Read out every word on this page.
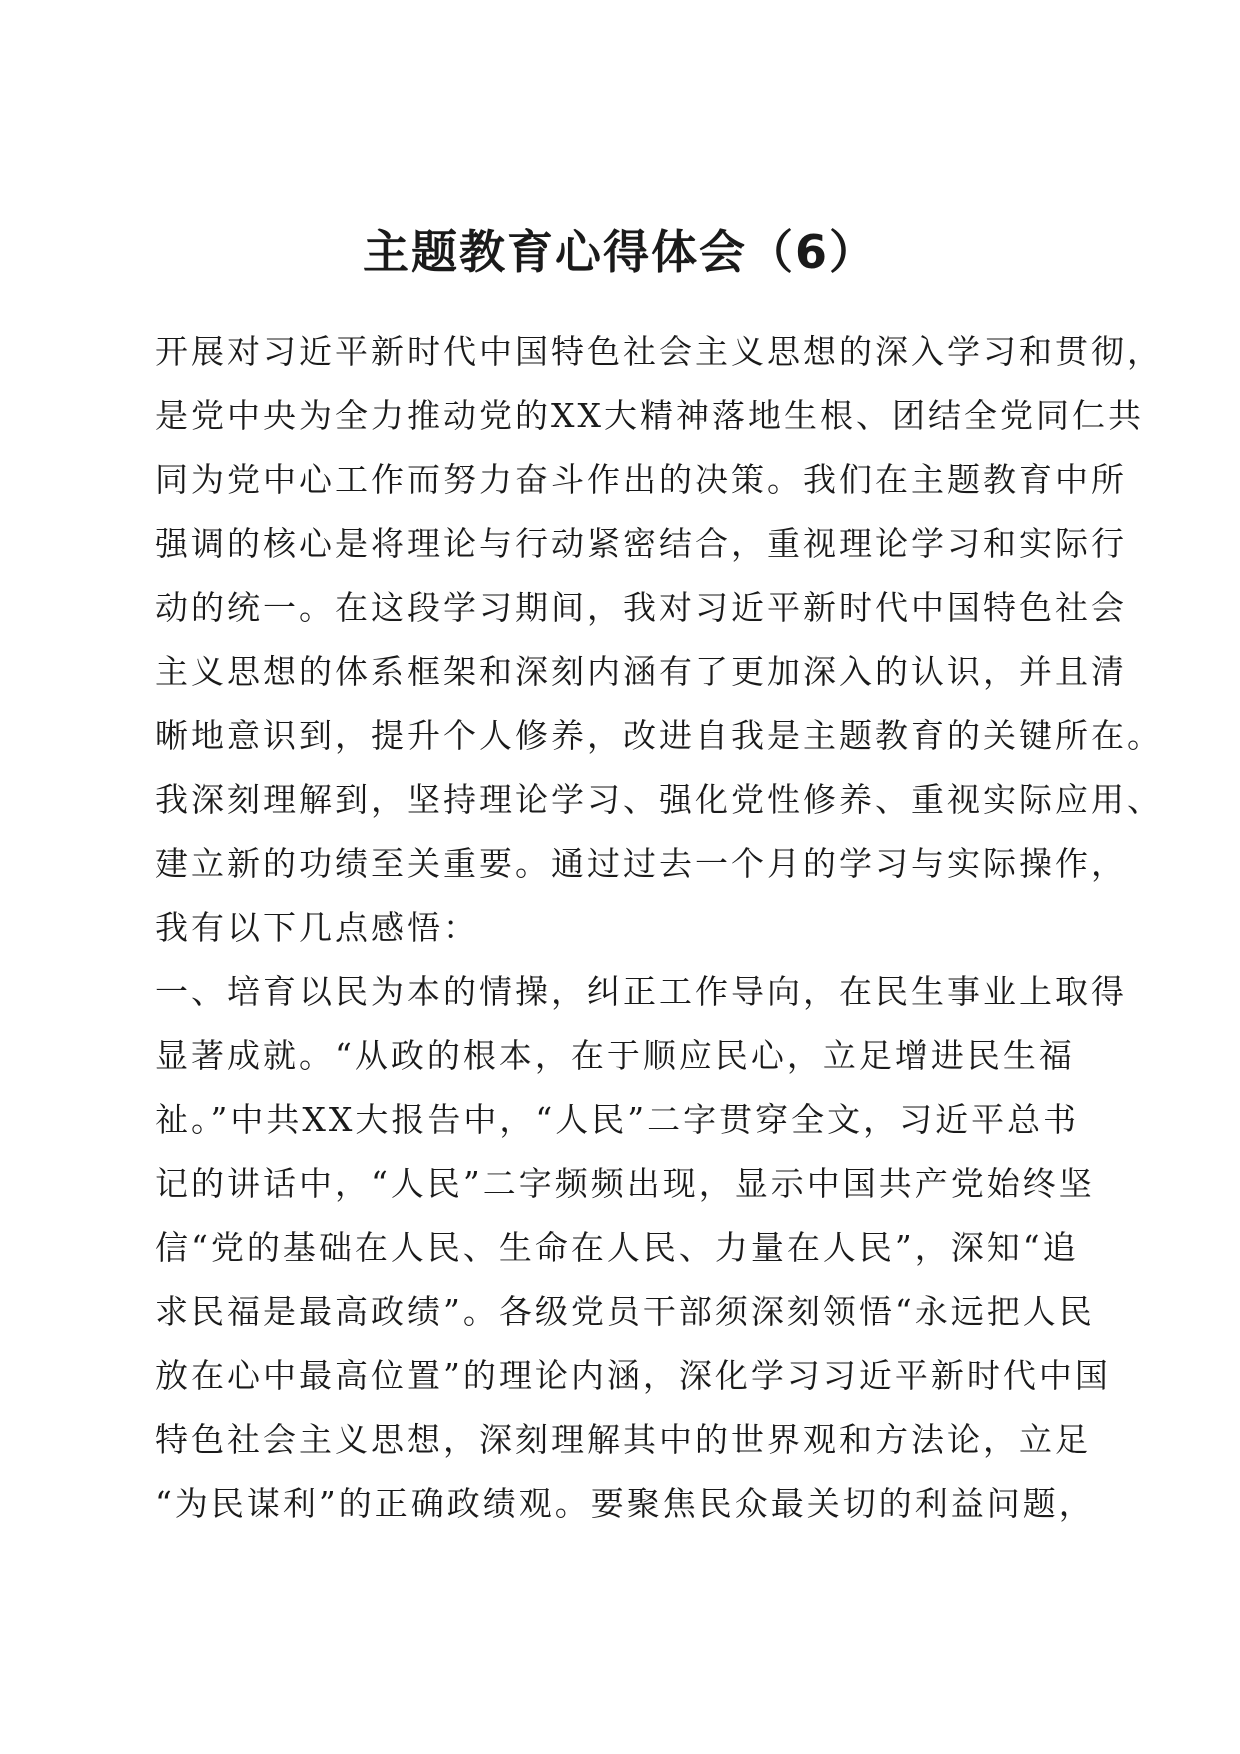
主题教育心得体会（6）
开展对习近平新时代中国特色社会主义思想的深入学习和贯彻，
是党中央为全力推动党的XX大精神落地生根、团结全党同仁共
同为党中心工作而努力奋斗作出的决策。我们在主题教育中所
强调的核心是将理论与行动紧密结合，重视理论学习和实际行
动的统一。在这段学习期间，我对习近平新时代中国特色社会
主义思想的体系框架和深刻内涵有了更加深入的认识，并且清
晰地意识到，提升个人修养，改进自我是主题教育的关键所在。
我深刻理解到，坚持理论学习、强化党性修养、重视实际应用、
建立新的功绩至关重要。通过过去一个月的学习与实际操作，
我有以下几点感悟：
一、培育以民为本的情操，纠正工作导向，在民生事业上取得
显著成就。“从政的根本，在于顺应民心，立足增进民生福
祉。”中共XX大报告中，“人民”二字贯穿全文，习近平总书
记的讲话中，“人民”二字频频出现，显示中国共产党始终坚
信“党的基础在人民、生命在人民、力量在人民”，深知“追
求民福是最高政绩”。各级党员干部须深刻领悟“永远把人民
放在心中最高位置”的理论内涵，深化学习习近平新时代中国
特色社会主义思想，深刻理解其中的世界观和方法论，立足
“为民谋利”的正确政绩观。要聚焦民众最关切的利益问题，
